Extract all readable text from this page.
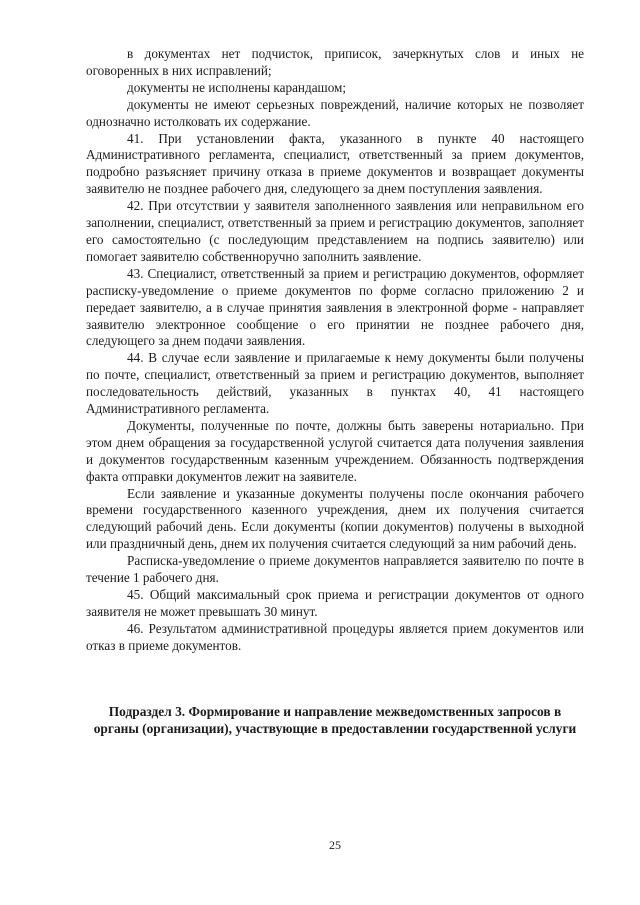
в документах нет подчисток, приписок, зачеркнутых слов и иных не оговоренных в них исправлений;

документы не исполнены карандашом;

документы не имеют серьезных повреждений, наличие которых не позволяет однозначно истолковать их содержание.

41. При установлении факта, указанного в пункте 40 настоящего Административного регламента, специалист, ответственный за прием документов, подробно разъясняет причину отказа в приеме документов и возвращает документы заявителю не позднее рабочего дня, следующего за днем поступления заявления.

42. При отсутствии у заявителя заполненного заявления или неправильном его заполнении, специалист, ответственный за прием и регистрацию документов, заполняет его самостоятельно (с последующим представлением на подпись заявителю) или помогает заявителю собственноручно заполнить заявление.

43. Специалист, ответственный за прием и регистрацию документов, оформляет расписку-уведомление о приеме документов по форме согласно приложению 2 и передает заявителю, а в случае принятия заявления в электронной форме - направляет заявителю электронное сообщение о его принятии не позднее рабочего дня, следующего за днем подачи заявления.

44. В случае если заявление и прилагаемые к нему документы были получены по почте, специалист, ответственный за прием и регистрацию документов, выполняет последовательность действий, указанных в пунктах 40, 41 настоящего Административного регламента.

Документы, полученные по почте, должны быть заверены нотариально. При этом днем обращения за государственной услугой считается дата получения заявления и документов государственным казенным учреждением. Обязанность подтверждения факта отправки документов лежит на заявителе.

Если заявление и указанные документы получены после окончания рабочего времени государственного казенного учреждения, днем их получения считается следующий рабочий день. Если документы (копии документов) получены в выходной или праздничный день, днем их получения считается следующий за ним рабочий день.

Расписка-уведомление о приеме документов направляется заявителю по почте в течение 1 рабочего дня.

45. Общий максимальный срок приема и регистрации документов от одного заявителя не может превышать 30 минут.

46. Результатом административной процедуры является прием документов или отказ в приеме документов.

Подраздел 3. Формирование и направление межведомственных запросов в органы (организации), участвующие в предоставлении государственной услуги

25
